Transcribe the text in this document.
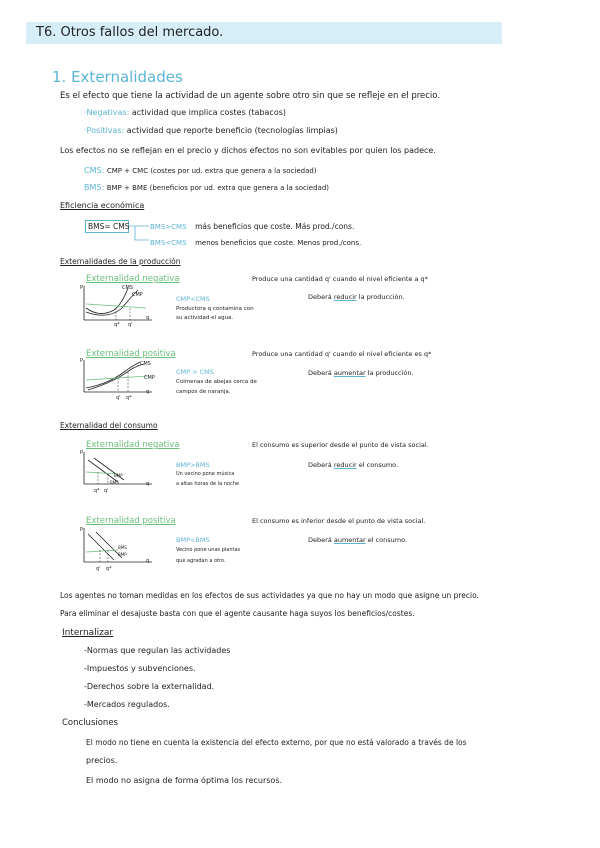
T6. Otros fallos del mercado.
1. Externalidades
Es el efecto que tiene la actividad de un agente sobre otro sin que se refleje en el precio.
·Negativas: actividad que implica costes (tabacos)
·Positivas: actividad que reporte beneficio (tecnologías limpias)
Los efectos no se reflejan en el precio y dichos efectos no son evitables por quien los padece.
CMS: CMP + CMC (costes por ud. extra que genera a la sociedad)
BMS: BMP + BME (beneficios por ud. extra que genera a la sociedad)
Eficiencia económica
BMS= CMS	BMS>CMS más beneficios que coste. Más prod./cons.
BMS<CMS menos beneficios que coste. Menos prod./cons.
Externalidades de la producción
Externalidad negativa
P	CMS
CMP
q
q* q'
CMP<CMS
Productora q contamina con
su actividad el agua.
Produce una cantidad q' cuando el nivel eficiente a q*
Deberá reducir la producción.
Externalidad positiva
P	CMS
CMP
q
q' q*
CMP > CMS
Colmenas de abejas cerca de
campos de naranja.
Produce una cantidad q' cuando el nivel eficiente es q*
Deberá aumentar la producción.
Externalidad del consumo
Externalidad negativa
P
BMP
BMS	q
q* q'
BMP>BMS
Un vecino pone música
a altas horas de la noche
El consumo es superior desde el punto de vista social.
Deberá reducir el consumo.
Externalidad positiva
P
BMS
BMP
q
q' q*
BMP<BMS
Vecino pone unas plantas
que agradan a otro.
El consumo es inferior desde el punto de vista social.
Deberá aumentar el consumo.
Los agentes no toman medidas en los efectos de sus actividades ya que no hay un modo que asigne un precio.
Para eliminar el desajuste basta con que el agente causante haga suyos los beneficios/costes.
Internalizar
-Normas que regulan las actividades
-Impuestos y subvenciones.
-Derechos sobre la externalidad.
-Mercados regulados.
Conclusiones
El modo no tiene en cuenta la existencia del efecto externo, por que no está valorado a través de los
precios.
El modo no asigna de forma óptima los recursos.
